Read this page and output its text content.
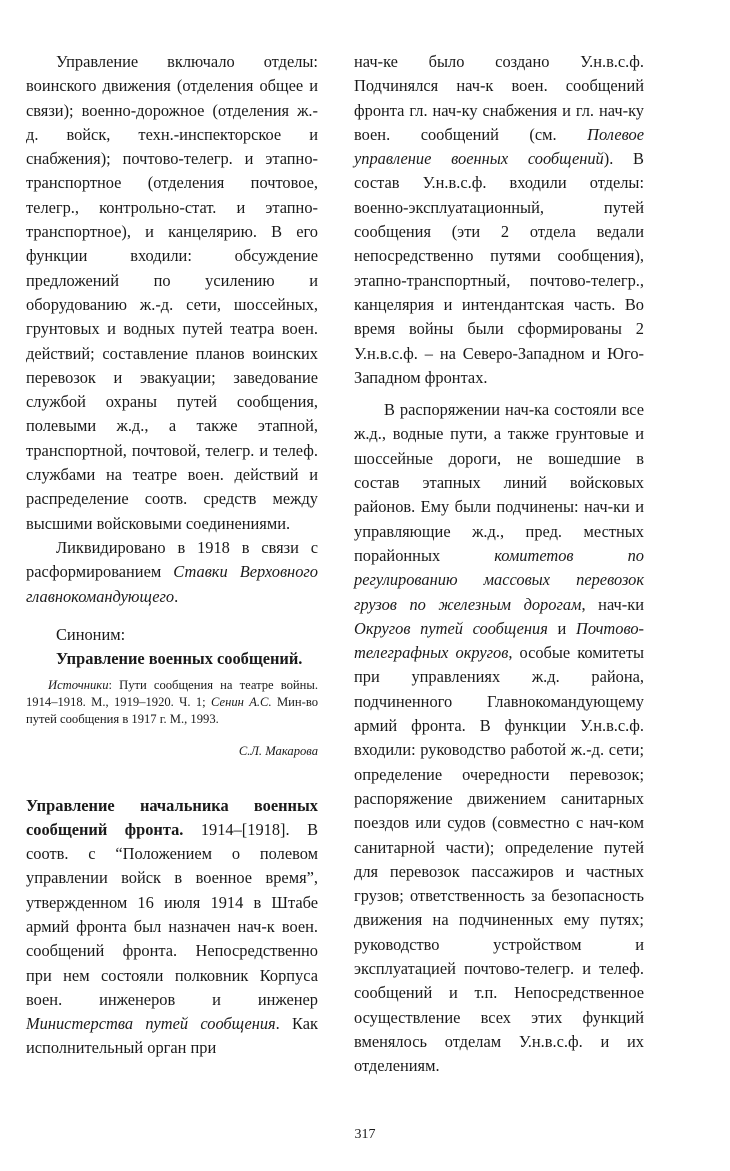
Управление включало отделы: воинского движения (отделения общее и связи); военно-дорожное (отделения ж.-д. войск, техн.-инспекторское и снабжения); почтово-телегр. и этапно-транспортное (отделения почтовое, телегр., контрольно-стат. и этапно-транспортное), и канцелярию. В его функции входили: обсуждение предложений по усилению и оборудованию ж.-д. сети, шоссейных, грунтовых и водных путей театра воен. действий; составление планов воинских перевозок и эвакуации; заведование службой охраны путей сообщения, полевыми ж.д., а также этапной, транспортной, почтовой, телегр. и телеф. службами на театре воен. действий и распределение соотв. средств между высшими войсковыми соединениями.

Ликвидировано в 1918 в связи с расформированием Ставки Верховного главнокомандующего.

Синоним:

Управление военных сообщений.

Источники: Пути сообщения на театре войны. 1914–1918. М., 1919–1920. Ч. 1; Сенин А.С. Мин-во путей сообщения в 1917 г. М., 1993.

С.Л. Макарова

Управление начальника военных сообщений фронта. 1914–[1918]. В соотв. с “Положением о полевом управлении войск в военное время”, утвержденном 16 июля 1914 в Штабе армий фронта был назначен нач-к воен. сообщений фронта. Непосредственно при нем состояли полковник Корпуса воен. инженеров и инженер Министерства путей сообщения. Как исполнительный орган при

нач-ке было создано У.н.в.с.ф. Подчинялся нач-к воен. сообщений фронта гл. нач-ку снабжения и гл. нач-ку воен. сообщений (см. Полевое управление военных сообщений). В состав У.н.в.с.ф. входили отделы: военно-эксплуатационный, путей сообщения (эти 2 отдела ведали непосредственно путями сообщения), этапно-транспортный, почтово-телегр., канцелярия и интендантская часть. Во время войны были сформированы 2 У.н.в.с.ф. – на Северо-Западном и Юго-Западном фронтах.

В распоряжении нач-ка состояли все ж.д., водные пути, а также грунтовые и шоссейные дороги, не вошедшие в состав этапных линий войсковых районов. Ему были подчинены: нач-ки и управляющие ж.д., пред. местных порайонных комитетов по регулированию массовых перевозок грузов по железным дорогам, нач-ки Округов путей сообщения и Почтово-телеграфных округов, особые комитеты при управлениях ж.д. района, подчиненного Главнокомандующему армий фронта. В функции У.н.в.с.ф. входили: руководство работой ж.-д. сети; определение очередности перевозок; распоряжение движением санитарных поездов или судов (совместно с нач-ком санитарной части); определение путей для перевозок пассажиров и частных грузов; ответственность за безопасность движения на подчиненных ему путях; руководство устройством и эксплуатацией почтово-телегр. и телеф. сообщений и т.п. Непосредственное осуществление всех этих функций вменялось отделам У.н.в.с.ф. и их отделениям.

317
